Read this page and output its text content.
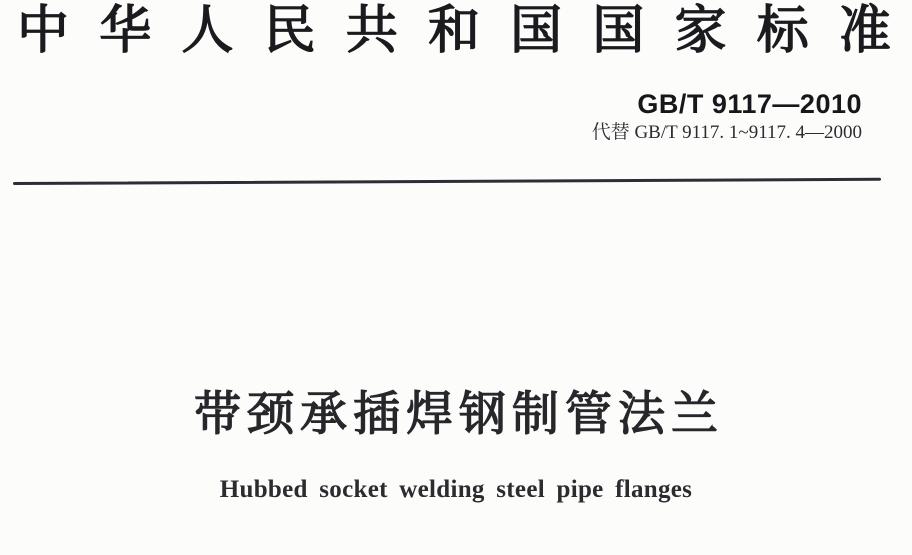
中 华 人 民 共 和 国 国 家 标 准
GB/T 9117—2010
代替 GB/T 9117. 1~9117. 4—2000
带颈承插焊钢制管法兰
Hubbed socket welding steel pipe flanges
